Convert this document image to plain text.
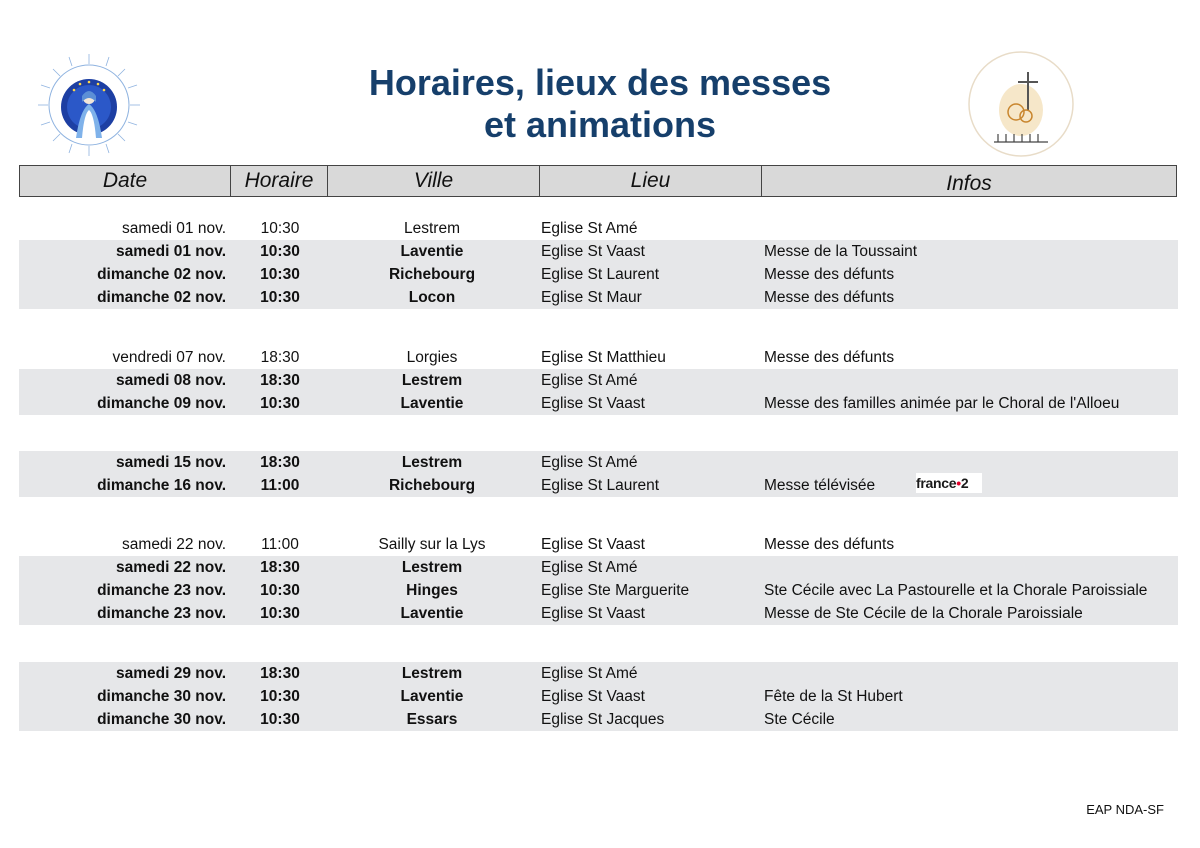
Horaires, lieux des messes
et animations
Date	Horaire	Ville	Lieu	Infos
samedi 01 nov.	10:30	Lestrem	Eglise St Amé
samedi 01 nov.	10:30	Laventie	Eglise St Vaast	Messe de la Toussaint
dimanche 02 nov.	10:30	Richebourg	Eglise St Laurent	Messe des défunts
dimanche 02 nov.	10:30	Locon	Eglise St Maur	Messe des défunts
vendredi 07 nov.	18:30	Lorgies	Eglise St Matthieu	Messe des défunts
samedi 08 nov.	18:30	Lestrem	Eglise St Amé
dimanche 09 nov.	10:30	Laventie	Eglise St Vaast	Messe des familles animée par le Choral de l'Alloeu
samedi 15 nov.	18:30	Lestrem	Eglise St Amé
dimanche 16 nov.	11:00	Richebourg	Eglise St Laurent	Messe télévisée
samedi 22 nov.	11:00	Sailly sur la Lys	Eglise St Vaast	Messe des défunts
samedi 22 nov.	18:30	Lestrem	Eglise St Amé
dimanche 23 nov.	10:30	Hinges	Eglise Ste Marguerite	Ste Cécile avec La Pastourelle et la Chorale Paroissiale
dimanche 23 nov.	10:30	Laventie	Eglise St Vaast	Messe de Ste Cécile de la Chorale Paroissiale
samedi 29 nov.	18:30	Lestrem	Eglise St Amé
dimanche 30 nov.	10:30	Laventie	Eglise St Vaast	Fête de la St Hubert
dimanche 30 nov.	10:30	Essars	Eglise St Jacques	Ste Cécile
france•2
EAP NDA-SF
